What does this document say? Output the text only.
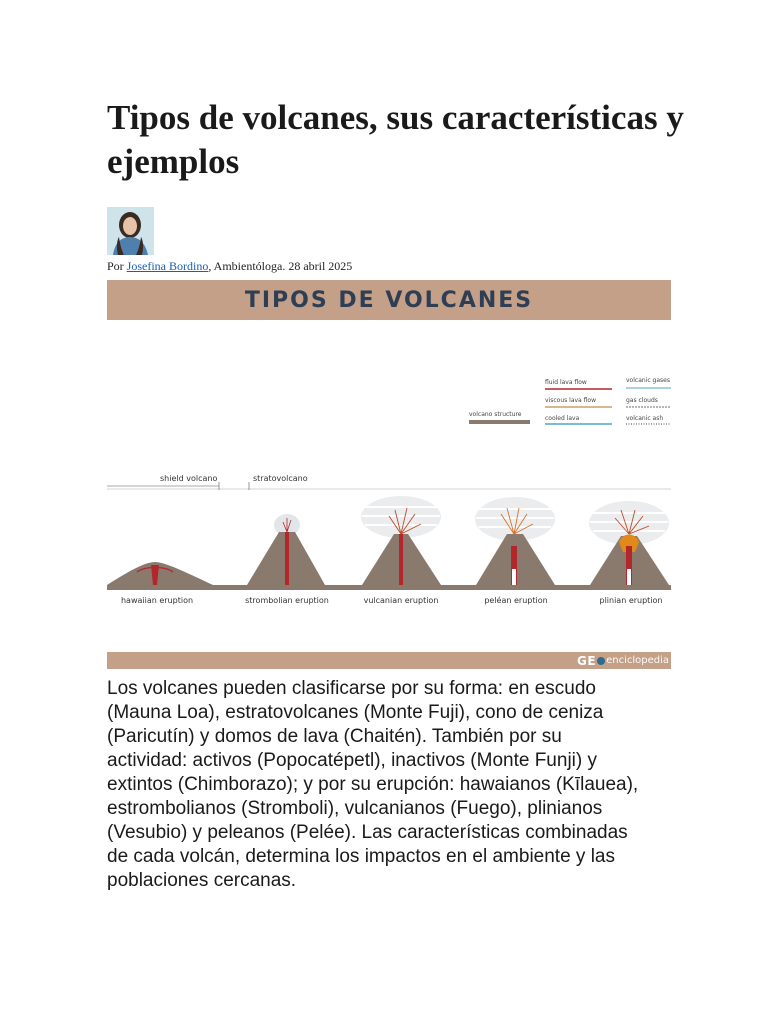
Tipos de volcanes, sus características y ejemplos

Por Josefina Bordino, Ambientóloga. 28 abril 2025

TIPOS DE VOLCANES
volcano structure
fluid lava flow
viscous lava flow
cooled lava
volcanic gases
gas clouds
volcanic ash
shield volcano	stratovolcano
hawaiian eruption	strombolian eruption	vulcanian eruption	peléan eruption	plinian eruption
GE enciclopedia

Los volcanes pueden clasificarse por su forma: en escudo (Mauna Loa), estratovolcanes (Monte Fuji), cono de ceniza (Paricutín) y domos de lava (Chaitén). También por su actividad: activos (Popocatépetl), inactivos (Monte Funji) y extintos (Chimborazo); y por su erupción: hawaianos (Kīlauea), estrombolianos (Stromboli), vulcanianos (Fuego), plinianos (Vesubio) y peleanos (Pelée). Las características combinadas de cada volcán, determina los impactos en el ambiente y las poblaciones cercanas.
